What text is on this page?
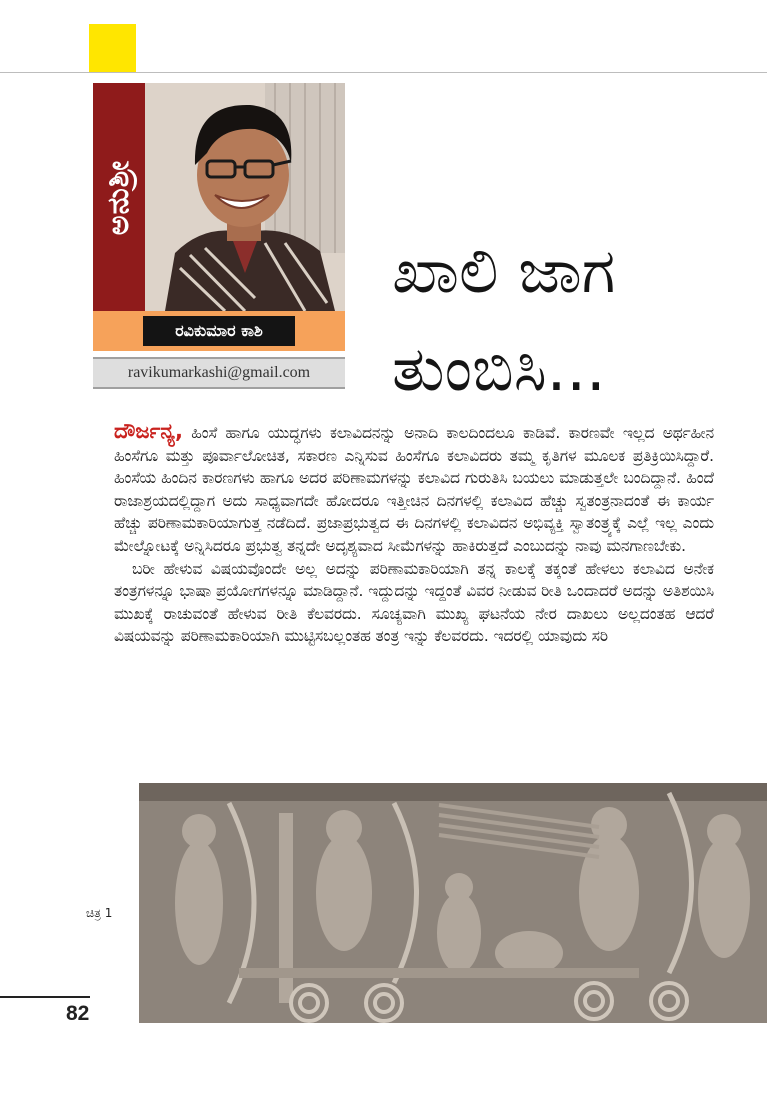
ಅನುಶ್ರೀ
ರವಿಕುಮಾರ ಕಾಶಿ
ravikumarkashi@gmail.com
ಖಾಲಿ ಜಾಗ
ತುಂಬಿಸಿ...

ದೌರ್ಜನ್ಯ, ಹಿಂಸೆ ಹಾಗೂ ಯುದ್ಧಗಳು ಕಲಾವಿದನನ್ನು ಅನಾದಿ ಕಾಲದಿಂದಲೂ ಕಾಡಿವೆ. ಕಾರಣವೇ ಇಲ್ಲದ ಅರ್ಥಹೀನ ಹಿಂಸೆಗೂ ಮತ್ತು ಪೂರ್ವಾಲೋಚಿತ, ಸಕಾರಣ ಎನ್ನಿಸುವ ಹಿಂಸೆಗೂ ಕಲಾವಿದರು ತಮ್ಮ ಕೃತಿಗಳ ಮೂಲಕ ಪ್ರತಿಕ್ರಿಯಿಸಿದ್ದಾರೆ. ಹಿಂಸೆಯ ಹಿಂದಿನ ಕಾರಣಗಳು ಹಾಗೂ ಅದರ ಪರಿಣಾಮಗಳನ್ನು ಕಲಾವಿದ ಗುರುತಿಸಿ ಬಯಲು ಮಾಡುತ್ತಲೇ ಬಂದಿದ್ದಾನೆ. ಹಿಂದೆ ರಾಜಾಶ್ರಯದಲ್ಲಿದ್ದಾಗ ಅದು ಸಾಧ್ಯವಾಗದೇ ಹೋದರೂ ಇತ್ತೀಚಿನ ದಿನಗಳಲ್ಲಿ ಕಲಾವಿದ ಹೆಚ್ಚು ಸ್ವತಂತ್ರನಾದಂತೆ ಈ ಕಾರ್ಯ ಹೆಚ್ಚು ಪರಿಣಾಮಕಾರಿಯಾಗುತ್ತ ನಡೆದಿದೆ. ಪ್ರಜಾಪ್ರಭುತ್ವದ ಈ ದಿನಗಳಲ್ಲಿ ಕಲಾವಿದನ ಅಭಿವ್ಯಕ್ತಿ ಸ್ವಾತಂತ್ರ್ಯಕ್ಕೆ ಎಲ್ಲೆ ಇಲ್ಲ ಎಂದು ಮೇಲ್ನೋಟಕ್ಕೆ ಅನ್ನಿಸಿದರೂ ಪ್ರಭುತ್ವ ತನ್ನದೇ ಅದೃಶ್ಯವಾದ ಸೀಮೆಗಳನ್ನು ಹಾಕಿರುತ್ತದೆ ಎಂಬುದನ್ನು ನಾವು ಮನಗಾಣಬೇಕು.

ಬರೀ ಹೇಳುವ ವಿಷಯವೊಂದೇ ಅಲ್ಲ ಅದನ್ನು ಪರಿಣಾಮಕಾರಿಯಾಗಿ ತನ್ನ ಕಾಲಕ್ಕೆ ತಕ್ಕಂತೆ ಹೇಳಲು ಕಲಾವಿದ ಅನೇಕ ತಂತ್ರಗಳನ್ನೂ ಭಾಷಾ ಪ್ರಯೋಗಗಳನ್ನೂ ಮಾಡಿದ್ದಾನೆ. ಇದ್ದುದನ್ನು ಇದ್ದಂತೆ ವಿವರ ನೀಡುವ ರೀತಿ ಒಂದಾದರೆ ಅದನ್ನು ಅತಿಶಯಿಸಿ ಮುಖಕ್ಕೆ ರಾಚುವಂತೆ ಹೇಳುವ ರೀತಿ ಕೆಲವರದು. ಸೂಚ್ಯವಾಗಿ ಮುಖ್ಯ ಘಟನೆಯ ನೇರ ದಾಖಲು ಅಲ್ಲದಂತಹ ಆದರೆ ವಿಷಯವನ್ನು ಪರಿಣಾಮಕಾರಿಯಾಗಿ ಮುಟ್ಟಿಸಬಲ್ಲಂತಹ ತಂತ್ರ ಇನ್ನು ಕೆಲವರದು. ಇದರಲ್ಲಿ ಯಾವುದು ಸರಿ

ಚಿತ್ರ 1
82
